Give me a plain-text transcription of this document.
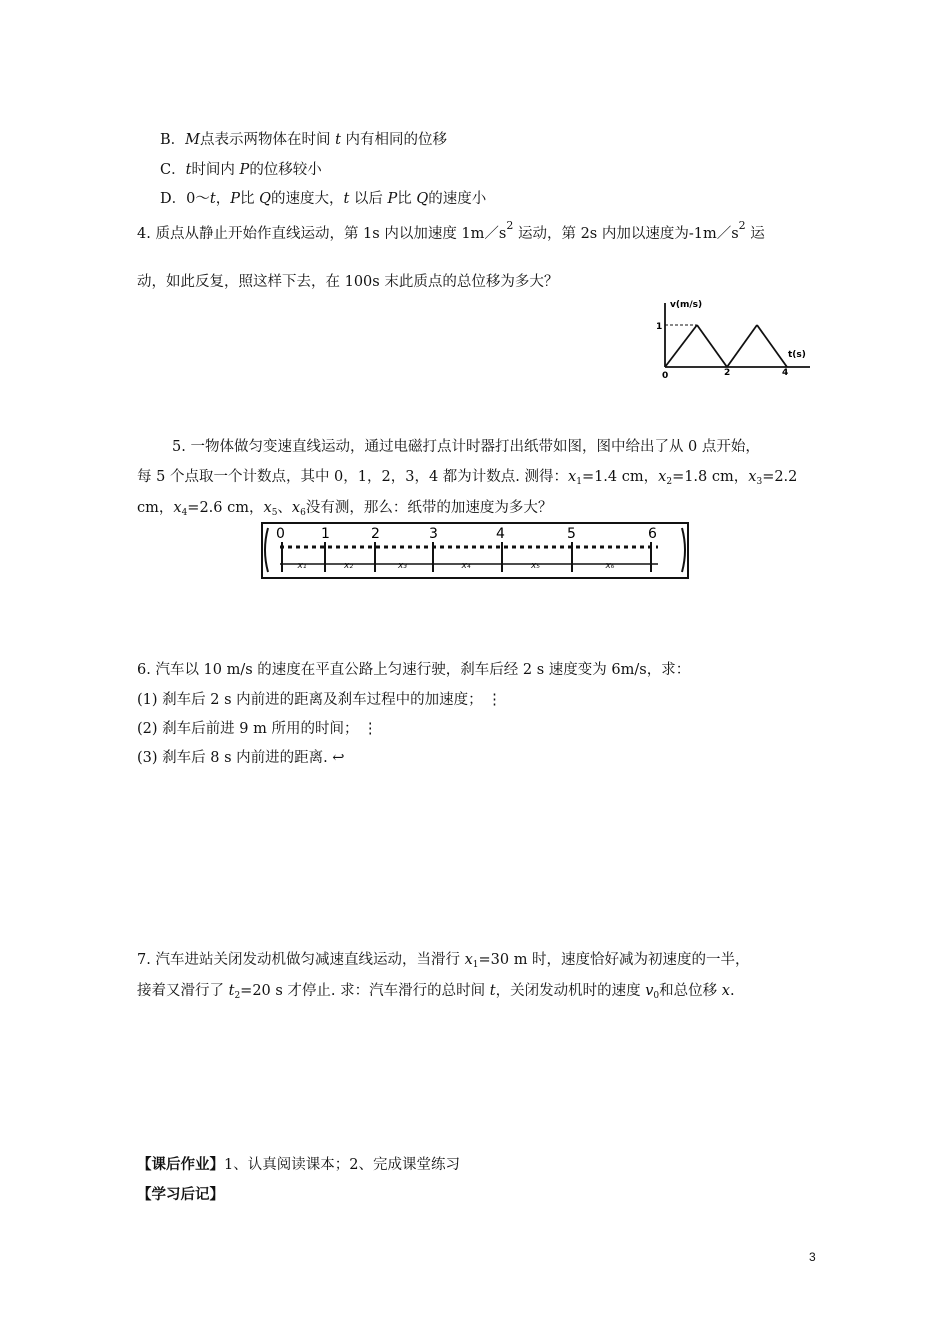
B．M点表示两物体在时间 t 内有相同的位移
C．t时间内 P的位移较小
D．0～t，P比 Q的速度大，t 以后 P比 Q的速度小
4. 质点从静止开始作直线运动，第 1s 内以加速度 $1m/s^2$ 运动，第 2s 内加以速度为$-1m/s^2$ 运
动，如此反复，照这样下去，在 100s 末此质点的总位移为多大？
v(m/s)
t(s)
1
0	2	4
5. 一物体做匀变速直线运动，通过电磁打点计时器打出纸带如图，图中给出了从 0 点开始，
每 5 个点取一个计数点，其中 0，1，2，3，4 都为计数点. 测得：$x_1=1.4$ cm，$x_2=1.8$ cm，$x_3=2.2$
cm，$x_4=2.6$ cm，$x_5$、$x_6$没有测，那么：纸带的加速度为多大？
0	1	2	3	4	5	6
x₁	x₂	x₃	x₄	x₅	x₆
6. 汽车以 10 m/s 的速度在平直公路上匀速行驶，刹车后经 2 s 速度变为 6m/s，求：
(1) 刹车后 2 s 内前进的距离及刹车过程中的加速度； ⋮
(2) 刹车后前进 9 m 所用的时间； ⋮
(3) 刹车后 8 s 内前进的距离. ↩
7. 汽车进站关闭发动机做匀减速直线运动，当滑行 $x_1=30$ m 时，速度恰好减为初速度的一半，
接着又滑行了 $t_2=20$ s 才停止. 求：汽车滑行的总时间 t，关闭发动机时的速度 $v_0$和总位移 x.
【课后作业】1、认真阅读课本；2、完成课堂练习
【学习后记】
3
